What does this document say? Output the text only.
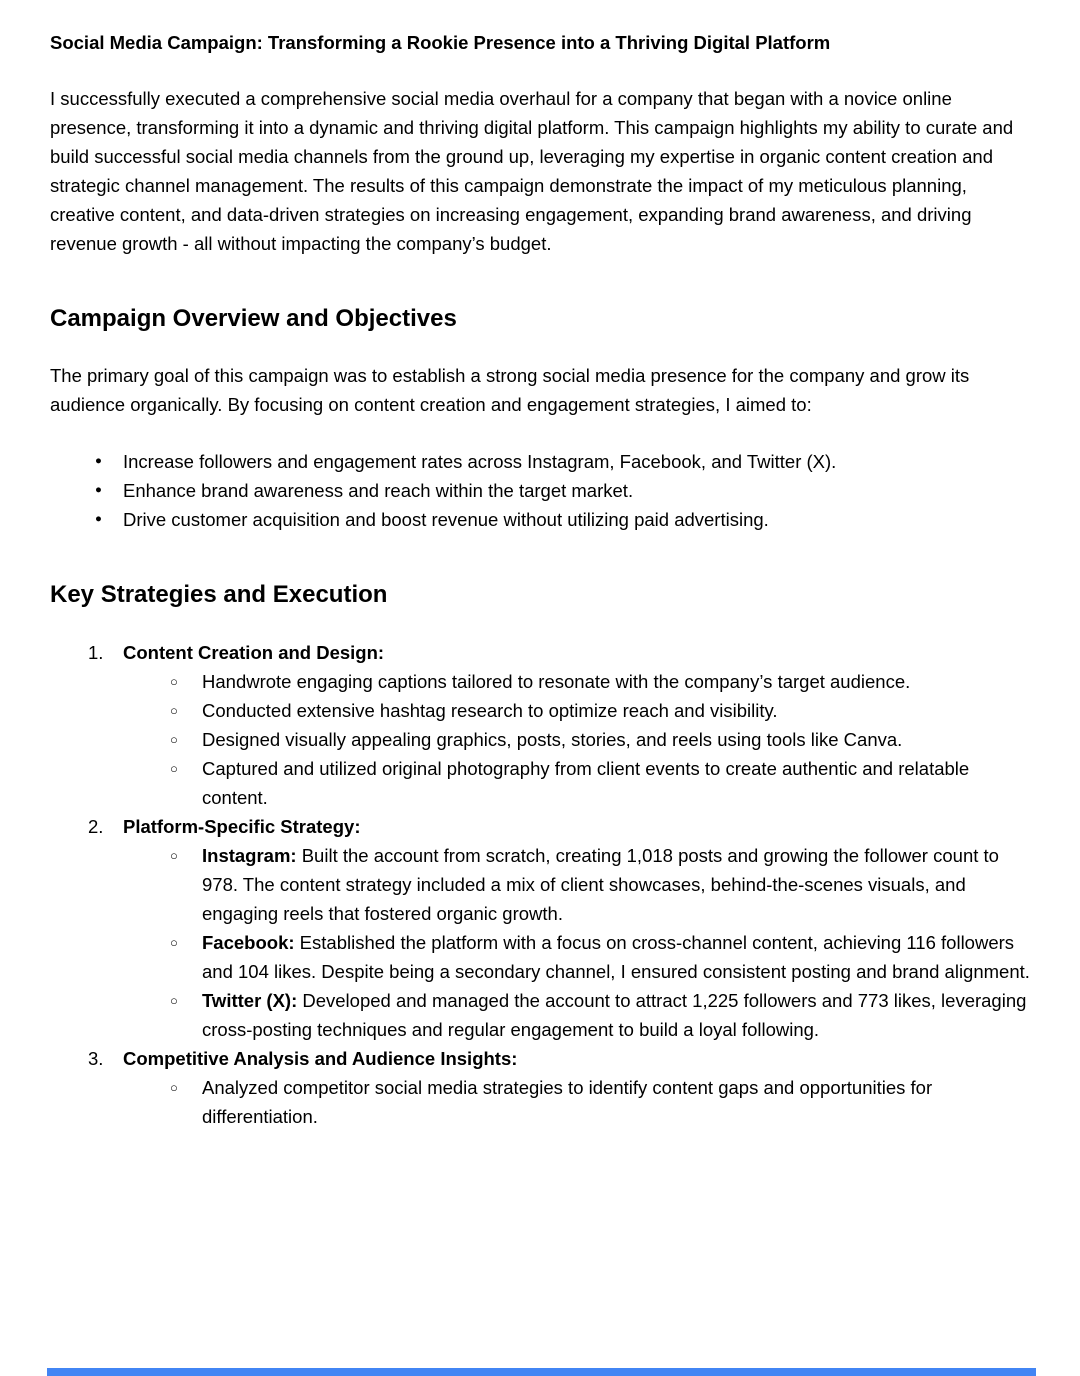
Social Media Campaign: Transforming a Rookie Presence into a Thriving Digital Platform

I successfully executed a comprehensive social media overhaul for a company that began with a novice online presence, transforming it into a dynamic and thriving digital platform. This campaign highlights my ability to curate and build successful social media channels from the ground up, leveraging my expertise in organic content creation and strategic channel management. The results of this campaign demonstrate the impact of my meticulous planning, creative content, and data-driven strategies on increasing engagement, expanding brand awareness, and driving revenue growth - all without impacting the company’s budget.

Campaign Overview and Objectives

The primary goal of this campaign was to establish a strong social media presence for the company and grow its audience organically. By focusing on content creation and engagement strategies, I aimed to:

●	Increase followers and engagement rates across Instagram, Facebook, and Twitter (X).
●	Enhance brand awareness and reach within the target market.
●	Drive customer acquisition and boost revenue without utilizing paid advertising.
Key Strategies and Execution
1.	Content Creation and Design:
○	Handwrote engaging captions tailored to resonate with the company’s target audience.
○	Conducted extensive hashtag research to optimize reach and visibility.
○	Designed visually appealing graphics, posts, stories, and reels using tools like Canva.
○	Captured and utilized original photography from client events to create authentic and relatable content.
2.	Platform-Specific Strategy:
○	Instagram: Built the account from scratch, creating 1,018 posts and growing the follower count to 978. The content strategy included a mix of client showcases, behind-the-scenes visuals, and engaging reels that fostered organic growth.
○	Facebook: Established the platform with a focus on cross-channel content, achieving 116 followers and 104 likes. Despite being a secondary channel, I ensured consistent posting and brand alignment.
○	Twitter (X): Developed and managed the account to attract 1,225 followers and 773 likes, leveraging cross-posting techniques and regular engagement to build a loyal following.
3.	Competitive Analysis and Audience Insights:
○	Analyzed competitor social media strategies to identify content gaps and opportunities for differentiation.
